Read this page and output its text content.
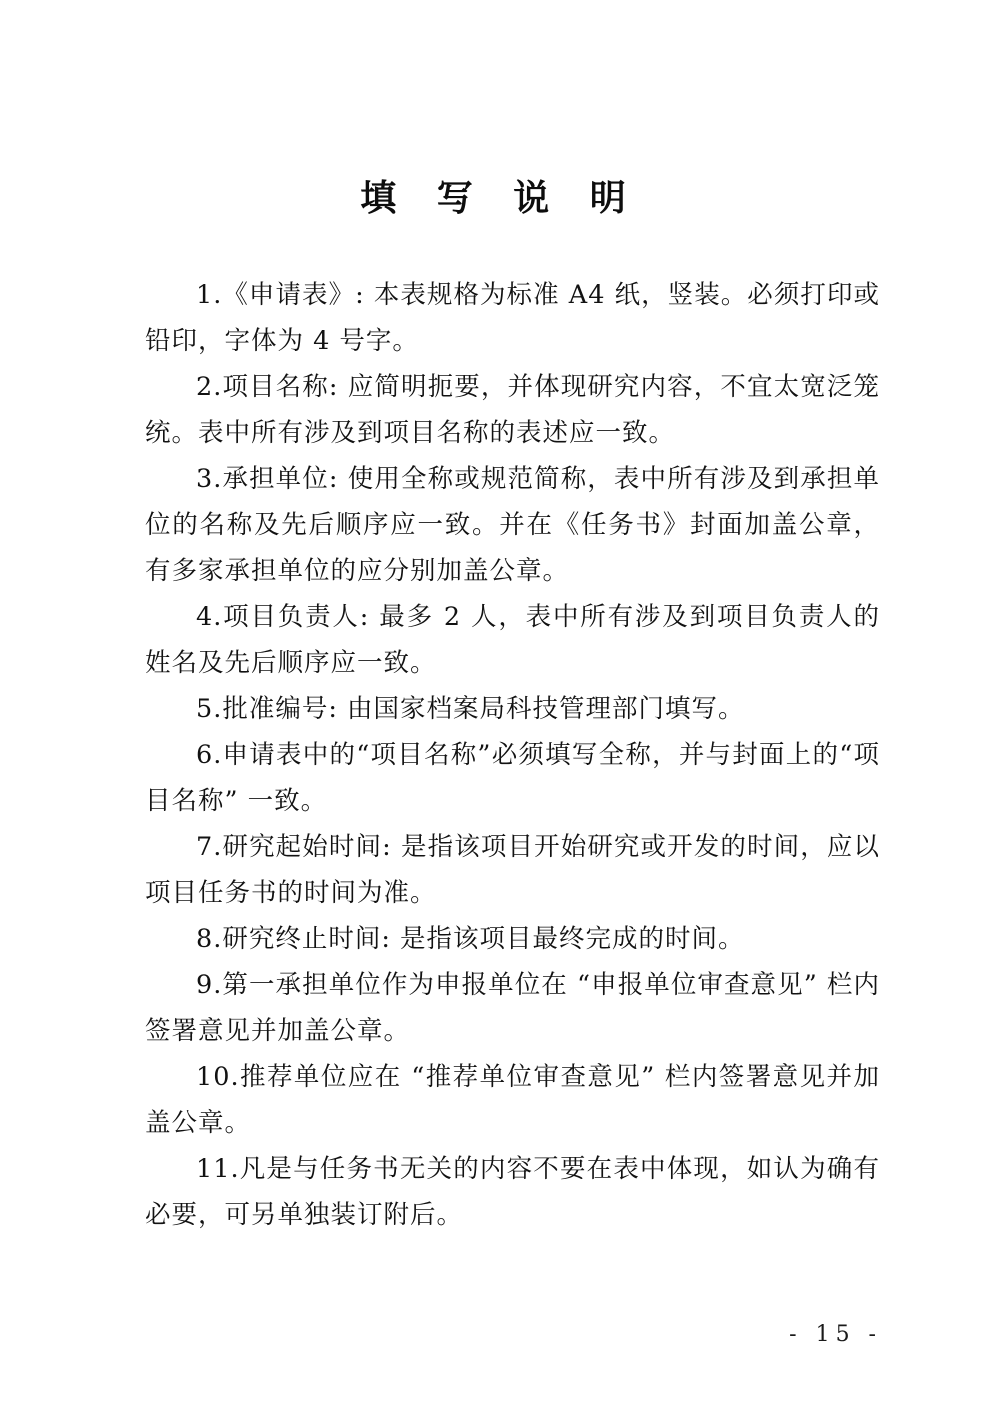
填 写 说 明

1.《申请表》: 本表规格为标准 A4 纸，竖装。必须打印或铅印，字体为 4 号字。

2.项目名称: 应简明扼要，并体现研究内容，不宜太宽泛笼统。表中所有涉及到项目名称的表述应一致。

3.承担单位: 使用全称或规范简称，表中所有涉及到承担单位的名称及先后顺序应一致。并在《任务书》封面加盖公章，有多家承担单位的应分别加盖公章。

4.项目负责人: 最多 2 人，表中所有涉及到项目负责人的姓名及先后顺序应一致。

5.批准编号: 由国家档案局科技管理部门填写。

6.申请表中的“项目名称”必须填写全称，并与封面上的“项目名称” 一致。

7.研究起始时间: 是指该项目开始研究或开发的时间，应以项目任务书的时间为准。

8.研究终止时间: 是指该项目最终完成的时间。

9.第一承担单位作为申报单位在 “申报单位审查意见” 栏内签署意见并加盖公章。

10.推荐单位应在 “推荐单位审查意见” 栏内签署意见并加盖公章。

11.凡是与任务书无关的内容不要在表中体现，如认为确有必要，可另单独装订附后。

- 15 -
